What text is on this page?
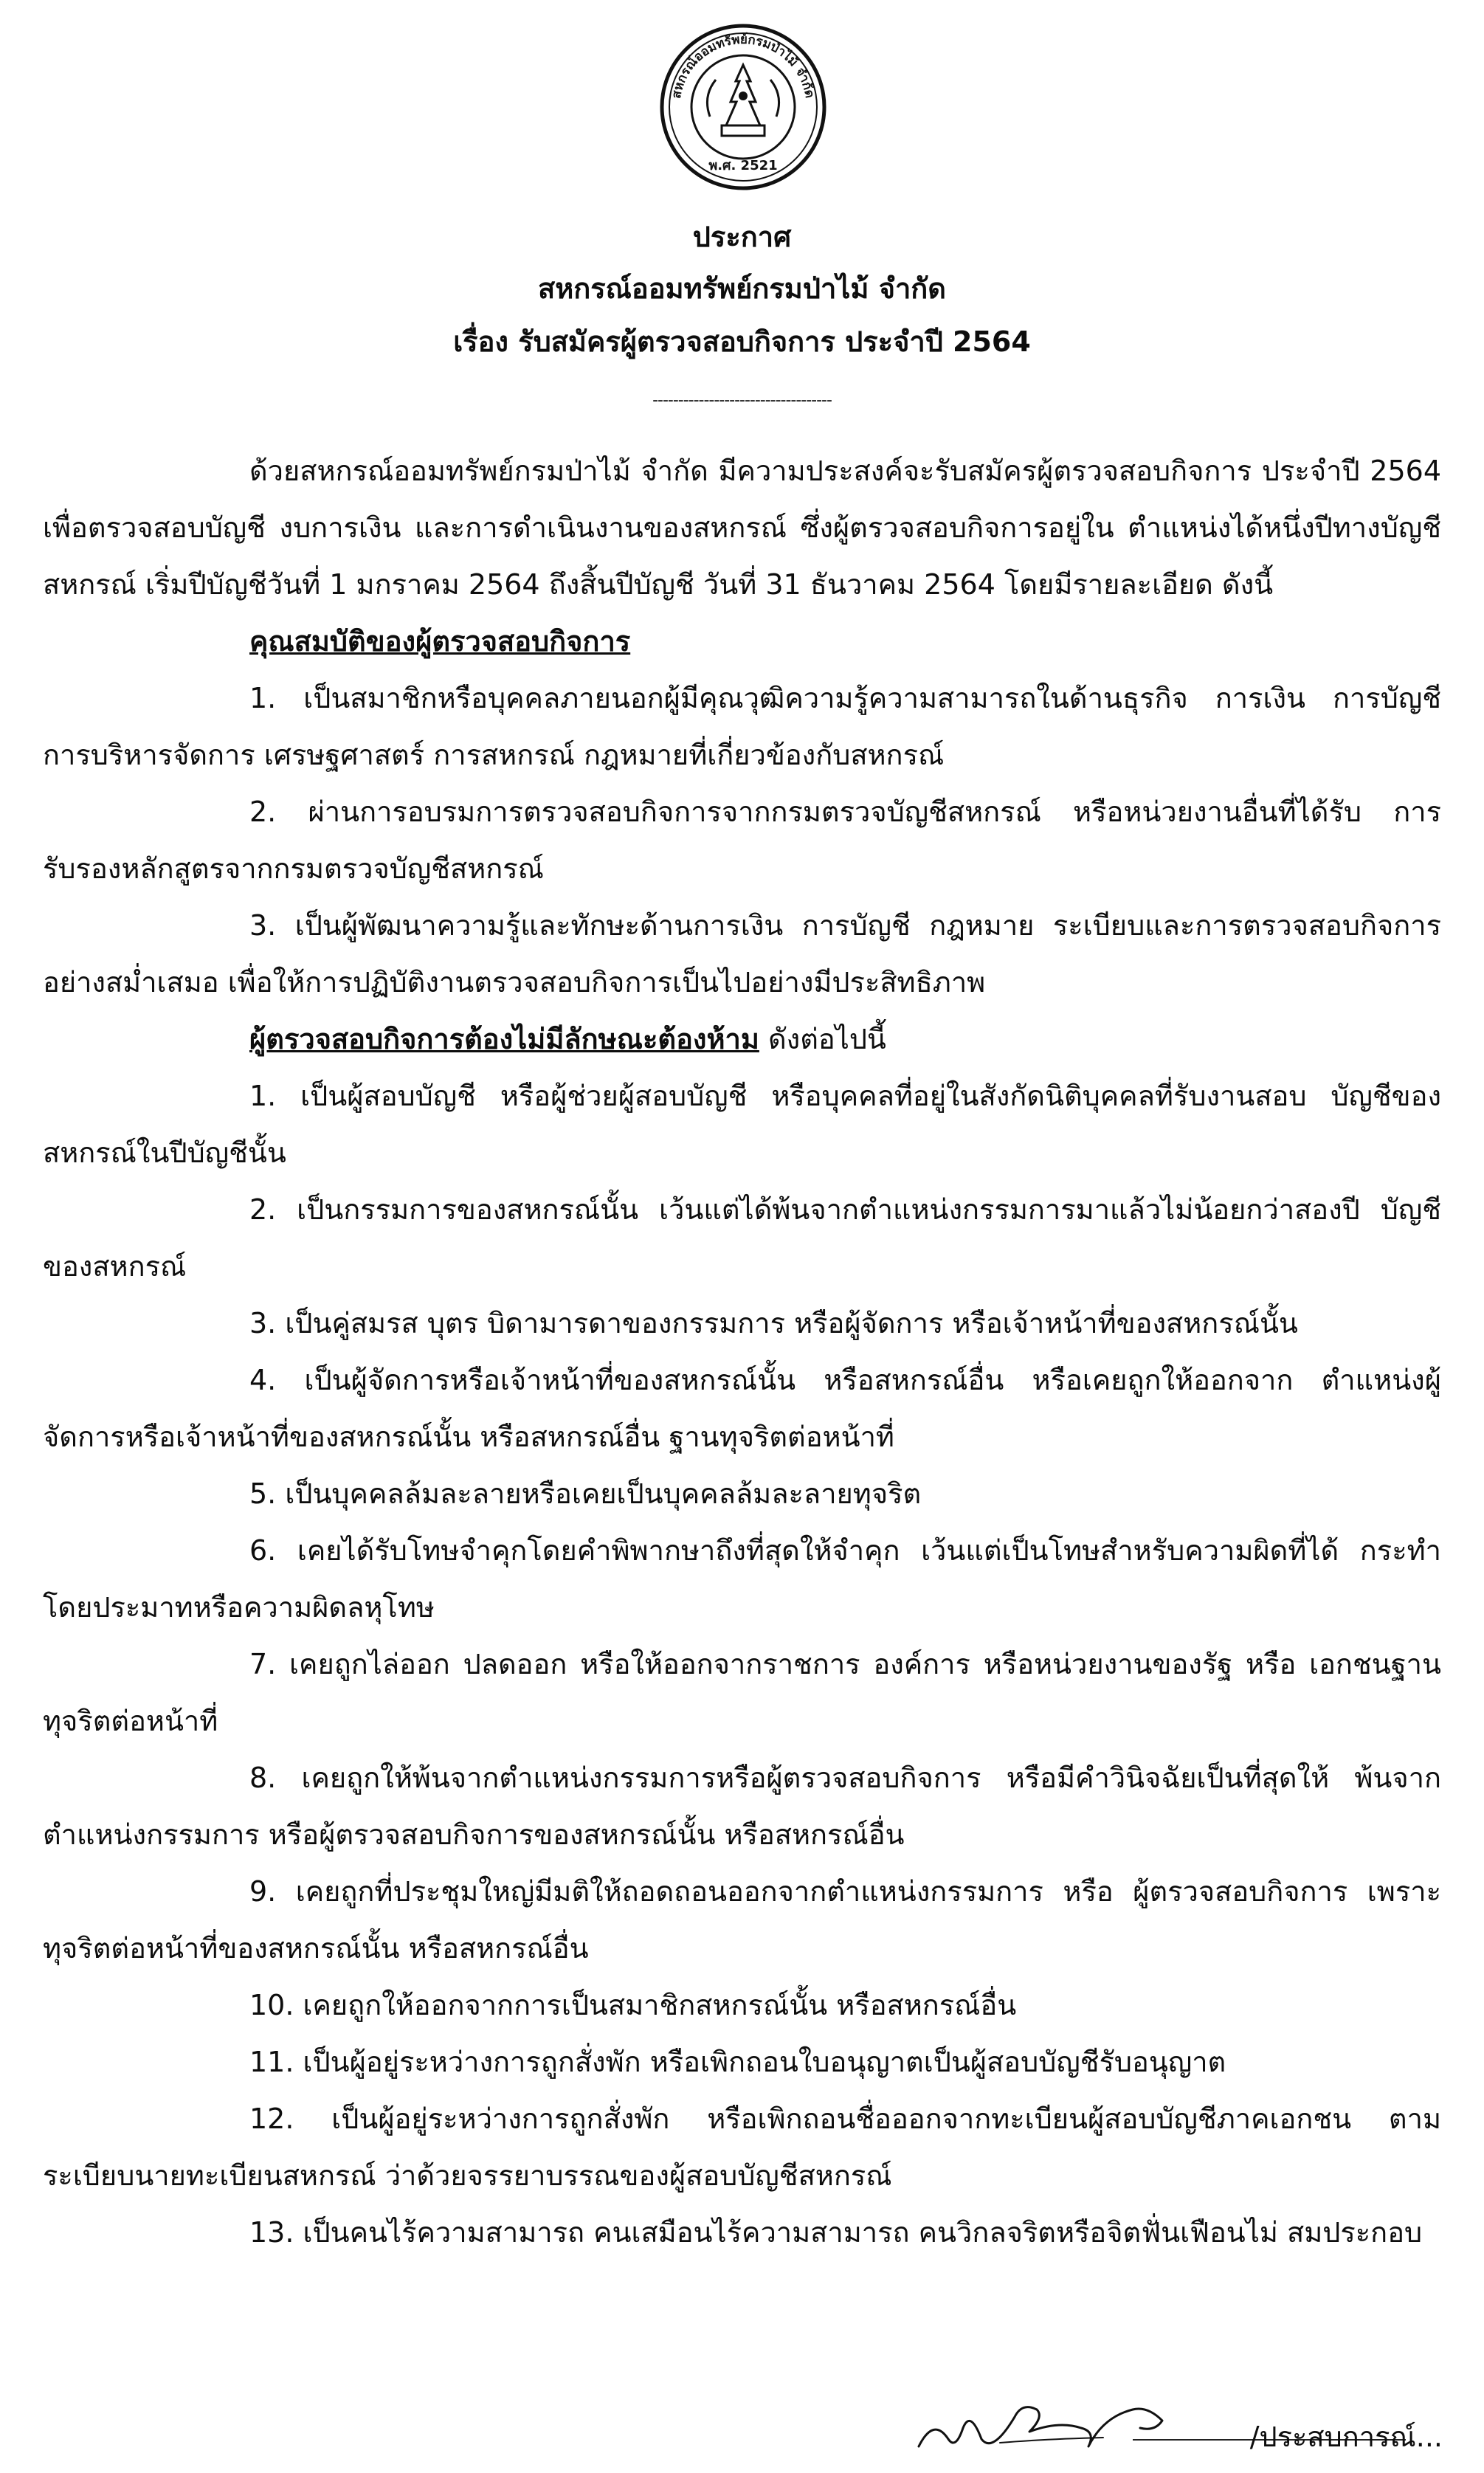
สหกรณ์ออมทรัพย์กรมป่าไม้ จำกัด
พ.ศ. 2521
ประกาศ
สหกรณ์ออมทรัพย์กรมป่าไม้ จำกัด
เรื่อง รับสมัครผู้ตรวจสอบกิจการ ประจำปี 2564
-----------------------------------

ด้วยสหกรณ์ออมทรัพย์กรมป่าไม้ จำกัด มีความประสงค์จะรับสมัครผู้ตรวจสอบกิจการ ประจำปี 2564 เพื่อตรวจสอบบัญชี งบการเงิน และการดำเนินงานของสหกรณ์ ซึ่งผู้ตรวจสอบกิจการอยู่ใน ตำแหน่งได้หนึ่งปีทางบัญชีสหกรณ์ เริ่มปีบัญชีวันที่ 1 มกราคม 2564 ถึงสิ้นปีบัญชี วันที่ 31 ธันวาคม 2564 โดยมีรายละเอียด ดังนี้

คุณสมบัติของผู้ตรวจสอบกิจการ

1. เป็นสมาชิกหรือบุคคลภายนอกผู้มีคุณวุฒิความรู้ความสามารถในด้านธุรกิจ การเงิน การบัญชี การบริหารจัดการ เศรษฐศาสตร์ การสหกรณ์ กฎหมายที่เกี่ยวข้องกับสหกรณ์

2. ผ่านการอบรมการตรวจสอบกิจการจากกรมตรวจบัญชีสหกรณ์ หรือหน่วยงานอื่นที่ได้รับ การรับรองหลักสูตรจากกรมตรวจบัญชีสหกรณ์

3. เป็นผู้พัฒนาความรู้และทักษะด้านการเงิน การบัญชี กฎหมาย ระเบียบและการตรวจสอบกิจการ อย่างสม่ำเสมอ เพื่อให้การปฏิบัติงานตรวจสอบกิจการเป็นไปอย่างมีประสิทธิภาพ

ผู้ตรวจสอบกิจการต้องไม่มีลักษณะต้องห้าม ดังต่อไปนี้

1. เป็นผู้สอบบัญชี หรือผู้ช่วยผู้สอบบัญชี หรือบุคคลที่อยู่ในสังกัดนิติบุคคลที่รับงานสอบ บัญชีของสหกรณ์ในปีบัญชีนั้น

2. เป็นกรรมการของสหกรณ์นั้น เว้นแต่ได้พ้นจากตำแหน่งกรรมการมาแล้วไม่น้อยกว่าสองปี บัญชีของสหกรณ์

3. เป็นคู่สมรส บุตร บิดามารดาของกรรมการ หรือผู้จัดการ หรือเจ้าหน้าที่ของสหกรณ์นั้น

4. เป็นผู้จัดการหรือเจ้าหน้าที่ของสหกรณ์นั้น หรือสหกรณ์อื่น หรือเคยถูกให้ออกจาก ตำแหน่งผู้จัดการหรือเจ้าหน้าที่ของสหกรณ์นั้น หรือสหกรณ์อื่น ฐานทุจริตต่อหน้าที่

5. เป็นบุคคลล้มละลายหรือเคยเป็นบุคคลล้มละลายทุจริต

6. เคยได้รับโทษจำคุกโดยคำพิพากษาถึงที่สุดให้จำคุก เว้นแต่เป็นโทษสำหรับความผิดที่ได้ กระทำโดยประมาทหรือความผิดลหุโทษ

7. เคยถูกไล่ออก ปลดออก หรือให้ออกจากราชการ องค์การ หรือหน่วยงานของรัฐ หรือ เอกชนฐานทุจริตต่อหน้าที่

8. เคยถูกให้พ้นจากตำแหน่งกรรมการหรือผู้ตรวจสอบกิจการ หรือมีคำวินิจฉัยเป็นที่สุดให้ พ้นจากตำแหน่งกรรมการ หรือผู้ตรวจสอบกิจการของสหกรณ์นั้น หรือสหกรณ์อื่น

9. เคยถูกที่ประชุมใหญ่มีมติให้ถอดถอนออกจากตำแหน่งกรรมการ หรือ ผู้ตรวจสอบกิจการ เพราะทุจริตต่อหน้าที่ของสหกรณ์นั้น หรือสหกรณ์อื่น

10. เคยถูกให้ออกจากการเป็นสมาชิกสหกรณ์นั้น หรือสหกรณ์อื่น

11. เป็นผู้อยู่ระหว่างการถูกสั่งพัก หรือเพิกถอนใบอนุญาตเป็นผู้สอบบัญชีรับอนุญาต

12. เป็นผู้อยู่ระหว่างการถูกสั่งพัก หรือเพิกถอนชื่อออกจากทะเบียนผู้สอบบัญชีภาคเอกชน ตามระเบียบนายทะเบียนสหกรณ์ ว่าด้วยจรรยาบรรณของผู้สอบบัญชีสหกรณ์

13. เป็นคนไร้ความสามารถ คนเสมือนไร้ความสามารถ คนวิกลจริตหรือจิตฟั่นเฟือนไม่ สมประกอบ

/ประสบการณ์...
